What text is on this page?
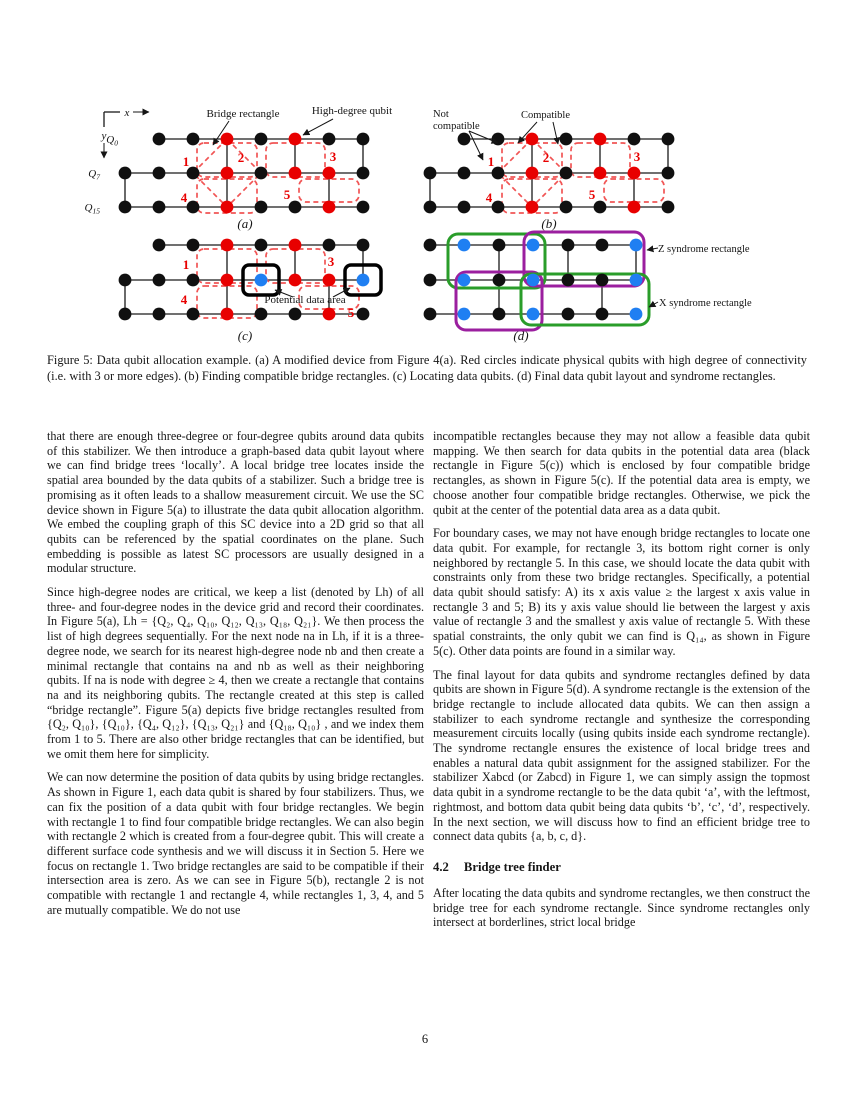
1	2	3
4	5
$Q_0$
$Q_7$
$Q_{15}$
x
y
Bridge rectangle	High-degree qubit
(a)
1	2	3
4	5
Not
compatible
Compatible
(b)
1	3
4
5
Potential data area
(c)
Z syndrome rectangle
X syndrome rectangle
(d)
Figure 5: Data qubit allocation example. (a) A modified device from Figure 4(a). Red circles indicate physical qubits with high degree of connectivity (i.e. with 3 or more edges). (b) Finding compatible bridge rectangles. (c) Locating data qubits. (d) Final data qubit layout and syndrome rectangles.

that there are enough three-degree or four-degree qubits around data qubits of this stabilizer. We then introduce a graph-based data qubit layout where we can find bridge trees ‘locally’. A local bridge tree locates inside the spatial area bounded by the data qubits of a stabilizer. Such a bridge tree is promising as it often leads to a shallow measurement circuit. We use the SC device shown in Figure 5(a) to illustrate the data qubit allocation algorithm. We embed the coupling graph of this SC device into a 2D grid so that all qubits can be referenced by the spatial coordinates on the plane. Such embedding is possible as latest SC processors are usually designed in a modular structure.

Since high-degree nodes are critical, we keep a list (denoted by Lh) of all three- and four-degree nodes in the device grid and record their coordinates. In Figure 5(a), Lh = {Q₂, Q₄, Q₁₀, Q₁₂, Q₁₃, Q₁₈, Q₂₁}. We then process the list of high degrees sequentially. For the next node na in Lh, if it is a three-degree node, we search for its nearest high-degree node nb and then create a minimal rectangle that contains na and nb as well as their neighboring qubits. If na is node with degree ≥ 4, then we create a rectangle that contains na and its neighboring qubits. The rectangle created at this step is called “bridge rectangle”. Figure 5(a) depicts five bridge rectangles resulted from {Q₂, Q₁₀}, {Q₁₀}, {Q₄, Q₁₂}, {Q₁₃, Q₂₁} and {Q₁₈, Q₁₀} , and we index them from 1 to 5. There are also other bridge rectangles that can be identified, but we omit them here for simplicity.

We can now determine the position of data qubits by using bridge rectangles. As shown in Figure 1, each data qubit is shared by four stabilizers. Thus, we can fix the position of a data qubit with four bridge rectangles. We begin with rectangle 1 to find four compatible bridge rectangles. We can also begin with rectangle 2 which is created from a four-degree qubit. This will create a different surface code synthesis and we will discuss it in Section 5. Here we focus on rectangle 1. Two bridge rectangles are said to be compatible if their intersection area is zero. As we can see in Figure 5(b), rectangle 2 is not compatible with rectangle 1 and rectangle 4, while rectangles 1, 3, 4, and 5 are mutually compatible. We do not use

incompatible rectangles because they may not allow a feasible data qubit mapping. We then search for data qubits in the potential data area (black rectangle in Figure 5(c)) which is enclosed by four compatible bridge rectangles, as shown in Figure 5(c). If the potential data area is empty, we choose another four compatible bridge rectangles. Otherwise, we pick the qubit at the center of the potential data area as a data qubit.

For boundary cases, we may not have enough bridge rectangles to locate one data qubit. For example, for rectangle 3, its bottom right corner is only neighbored by rectangle 5. In this case, we should locate the data qubit with constraints only from these two bridge rectangles. Specifically, a potential data qubit should satisfy: A) its x axis value ≥ the largest x axis value in rectangle 3 and 5; B) its y axis value should lie between the largest y axis value of rectangle 3 and the smallest y axis value of rectangle 5. With these spatial constraints, the only qubit we can find is Q₁₄, as shown in Figure 5(c). Other data points are found in a similar way.

The final layout for data qubits and syndrome rectangles defined by data qubits are shown in Figure 5(d). A syndrome rectangle is the extension of the bridge rectangle to include allocated data qubits. We can then assign a stabilizer to each syndrome rectangle and synthesize the corresponding measurement circuits locally (using qubits inside each syndrome rectangle). The syndrome rectangle ensures the existence of local bridge trees and enables a natural data qubit assignment for the assigned stabilizer. For the stabilizer Xabcd (or Zabcd) in Figure 1, we can simply assign the topmost data qubit in a syndrome rectangle to be the data qubit ‘a’, with the leftmost, rightmost, and bottom data qubit being data qubits ‘b’, ‘c’, ‘d’, respectively. In the next section, we will discuss how to find an efficient bridge tree to connect data qubits {a, b, c, d}.

4.2 Bridge tree finder

After locating the data qubits and syndrome rectangles, we then construct the bridge tree for each syndrome rectangle. Since syndrome rectangles only intersect at borderlines, strict local bridge

6
